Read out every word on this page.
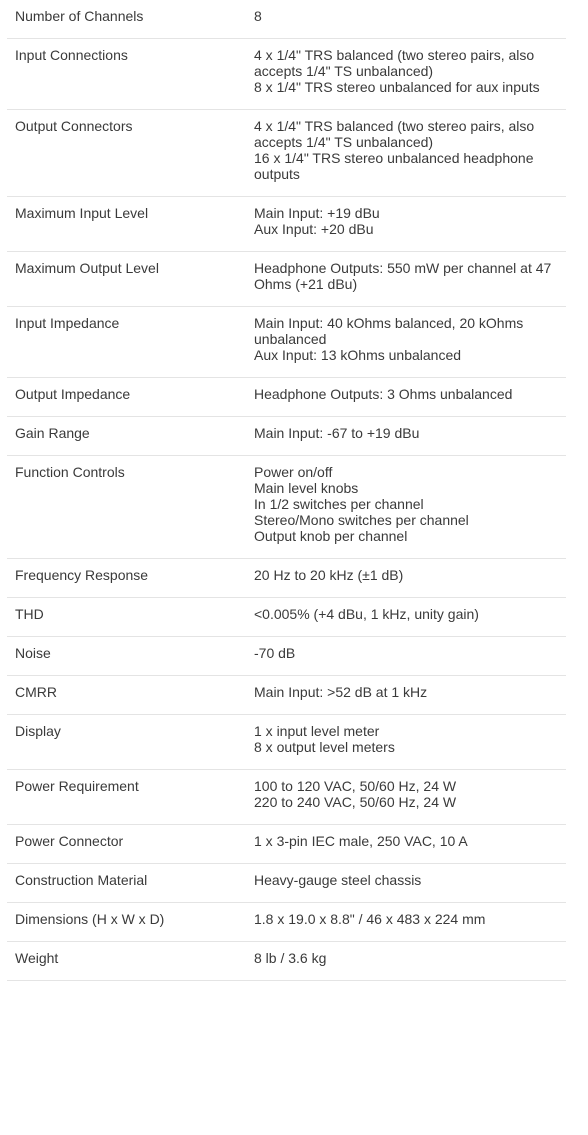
Number of Channels	8

Input Connections	4 x 1/4" TRS balanced (two stereo pairs, also accepts 1/4" TS unbalanced)
8 x 1/4" TRS stereo unbalanced for aux inputs

Output Connectors	4 x 1/4" TRS balanced (two stereo pairs, also accepts 1/4" TS unbalanced)
16 x 1/4" TRS stereo unbalanced headphone outputs

Maximum Input Level	Main Input: +19 dBu
Aux Input: +20 dBu

Maximum Output Level	Headphone Outputs: 550 mW per channel at 47 Ohms (+21 dBu)

Input Impedance	Main Input: 40 kOhms balanced, 20 kOhms unbalanced
Aux Input: 13 kOhms unbalanced

Output Impedance	Headphone Outputs: 3 Ohms unbalanced

Gain Range	Main Input: -67 to +19 dBu

Function Controls	Power on/off
Main level knobs
In 1/2 switches per channel
Stereo/Mono switches per channel
Output knob per channel

Frequency Response	20 Hz to 20 kHz (±1 dB)

THD	<0.005% (+4 dBu, 1 kHz, unity gain)

Noise	-70 dB

CMRR	Main Input: >52 dB at 1 kHz

Display	1 x input level meter
8 x output level meters

Power Requirement	100 to 120 VAC, 50/60 Hz, 24 W
220 to 240 VAC, 50/60 Hz, 24 W

Power Connector	1 x 3-pin IEC male, 250 VAC, 10 A

Construction Material	Heavy-gauge steel chassis

Dimensions (H x W x D)	1.8 x 19.0 x 8.8" / 46 x 483 x 224 mm

Weight	8 lb / 3.6 kg
